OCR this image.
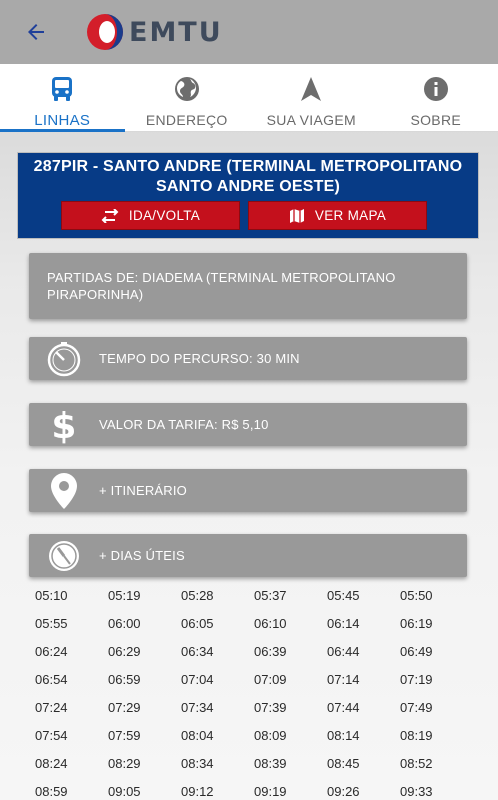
EMTU
LINHAS	ENDEREÇO	SUA VIAGEM	SOBRE
287PIR - SANTO ANDRE (TERMINAL METROPOLITANO
SANTO ANDRE OESTE)
IDA/VOLTA	VER MAPA
PARTIDAS DE: DIADEMA (TERMINAL METROPOLITANO PIRAPORINHA)
TEMPO DO PERCURSO: 30 MIN
$ VALOR DA TARIFA: R$ 5,10
+ ITINERÁRIO
+ DIAS ÚTEIS
05:10	05:19	05:28	05:37	05:45	05:50
05:55	06:00	06:05	06:10	06:14	06:19
06:24	06:29	06:34	06:39	06:44	06:49
06:54	06:59	07:04	07:09	07:14	07:19
07:24	07:29	07:34	07:39	07:44	07:49
07:54	07:59	08:04	08:09	08:14	08:19
08:24	08:29	08:34	08:39	08:45	08:52
08:59	09:05	09:12	09:19	09:26	09:33
